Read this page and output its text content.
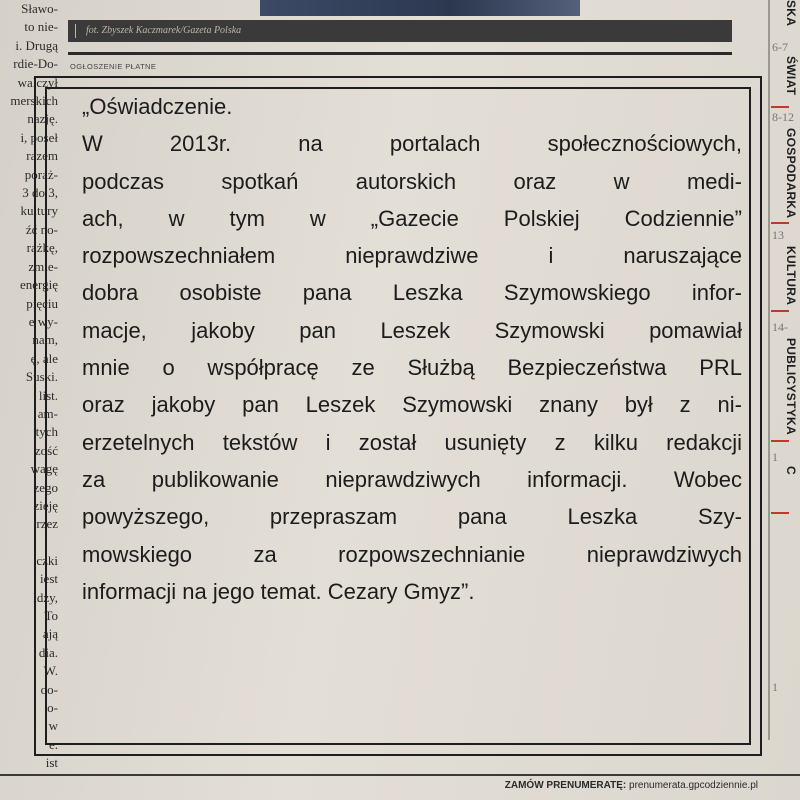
Sławo-
to nie-
i. Drugą
rdie-Do-
walczył
merskich
nazję.
i, poseł
razem
poraż-
3 do 3,
kultury
źć no-
rażkę,
zmie-
energię
pięciu
e wy-
nam,
ę, ale
Suski.
list.
am-
tych
zość
wagę
zego
zieję
rzez
czki
iest
ldzy,
To
ają
dia.
W.
oo-
o-
w
e.
ist
fot. Zbyszek Kaczmarek/Gazeta Polska
OGŁOSZENIE PŁATNE
„Oświadczenie.
W 2013r. na portalach społecznościowych,
podczas spotkań autorskich oraz w medi-
ach, w tym w „Gazecie Polskiej Codziennie”
rozpowszechniałem nieprawdziwe i naruszające
dobra osobiste pana Leszka Szymowskiego infor-
macje, jakoby pan Leszek Szymowski pomawiał
mnie o współpracę ze Służbą Bezpieczeństwa PRL
oraz jakoby pan Leszek Szymowski znany był z ni-
erzetelnych tekstów i został usunięty z kilku redakcji
za publikowanie nieprawdziwych informacji. Wobec
powyższego, przepraszam pana Leszka Szy-
mowskiego za rozpowszechnianie nieprawdziwych
informacji na jego temat. Cezary Gmyz”.
SKA
6-7
ŚWIAT
8-12
GOSPODARKA
13
KULTURA
14-
PUBLICYSTYKA
1
C
1
ZAMÓW PRENUMERATĘ: prenumerata.gpcodziennie.pl
